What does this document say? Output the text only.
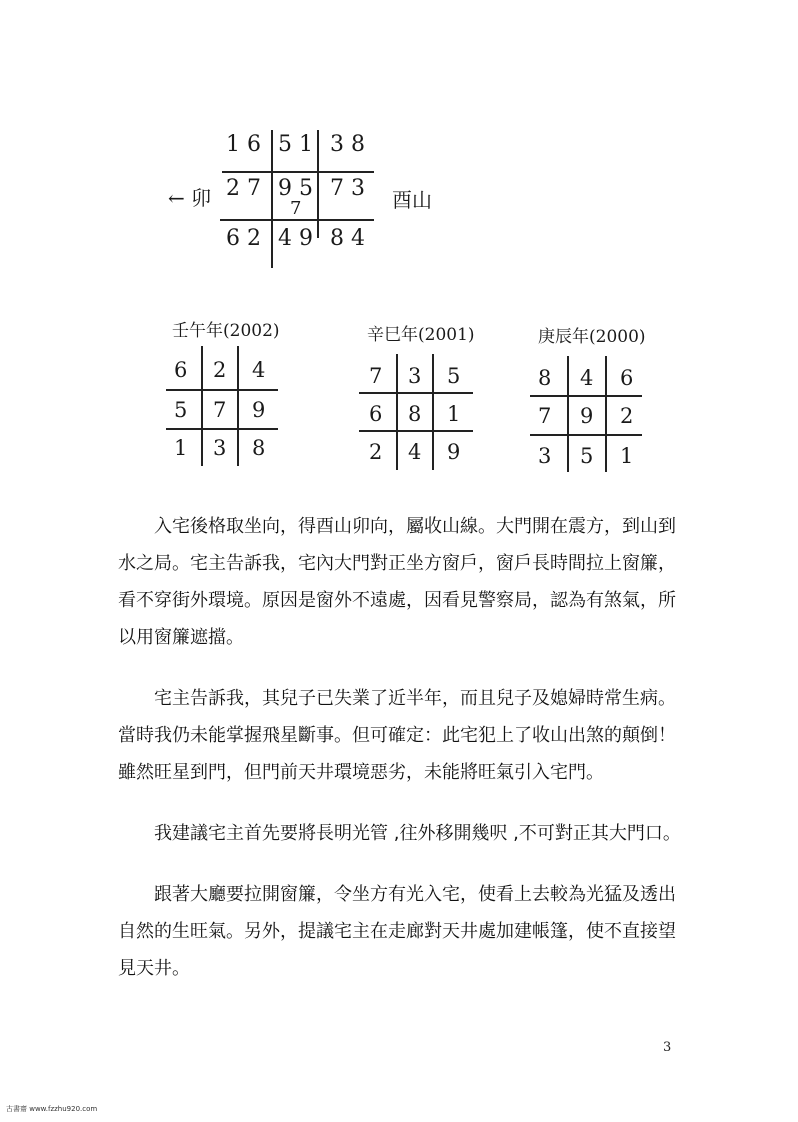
1 6 5 1 3 8
2 7 9 5 7 3
7
6 2 4 9 8 4
← 卯	酉山
壬午年(2002)
6 2 4
5 7 9
1 3 8
辛巳年(2001)
7 3 5
6 8 1
2 4 9
庚辰年(2000)
8 4 6
7 9 2
3 5 1

入宅後格取坐向，得酉山卯向，屬收山線。大門開在震方，到山到水之局。宅主告訴我，宅內大門對正坐方窗戶，窗戶長時間拉上窗簾，看不穿街外環境。原因是窗外不遠處，因看見警察局，認為有煞氣，所以用窗簾遮擋。

宅主告訴我，其兒子已失業了近半年，而且兒子及媳婦時常生病。當時我仍未能掌握飛星斷事。但可確定：此宅犯上了收山出煞的顛倒！雖然旺星到門，但門前天井環境惡劣，未能將旺氣引入宅門。

我建議宅主首先要將長明光管 ,往外移開幾呎 ,不可對正其大門口。

跟著大廳要拉開窗簾，令坐方有光入宅，使看上去較為光猛及透出自然的生旺氣。另外，提議宅主在走廊對天井處加建帳篷，使不直接望見天井。

3
古書齋 www.fzzhu920.com
